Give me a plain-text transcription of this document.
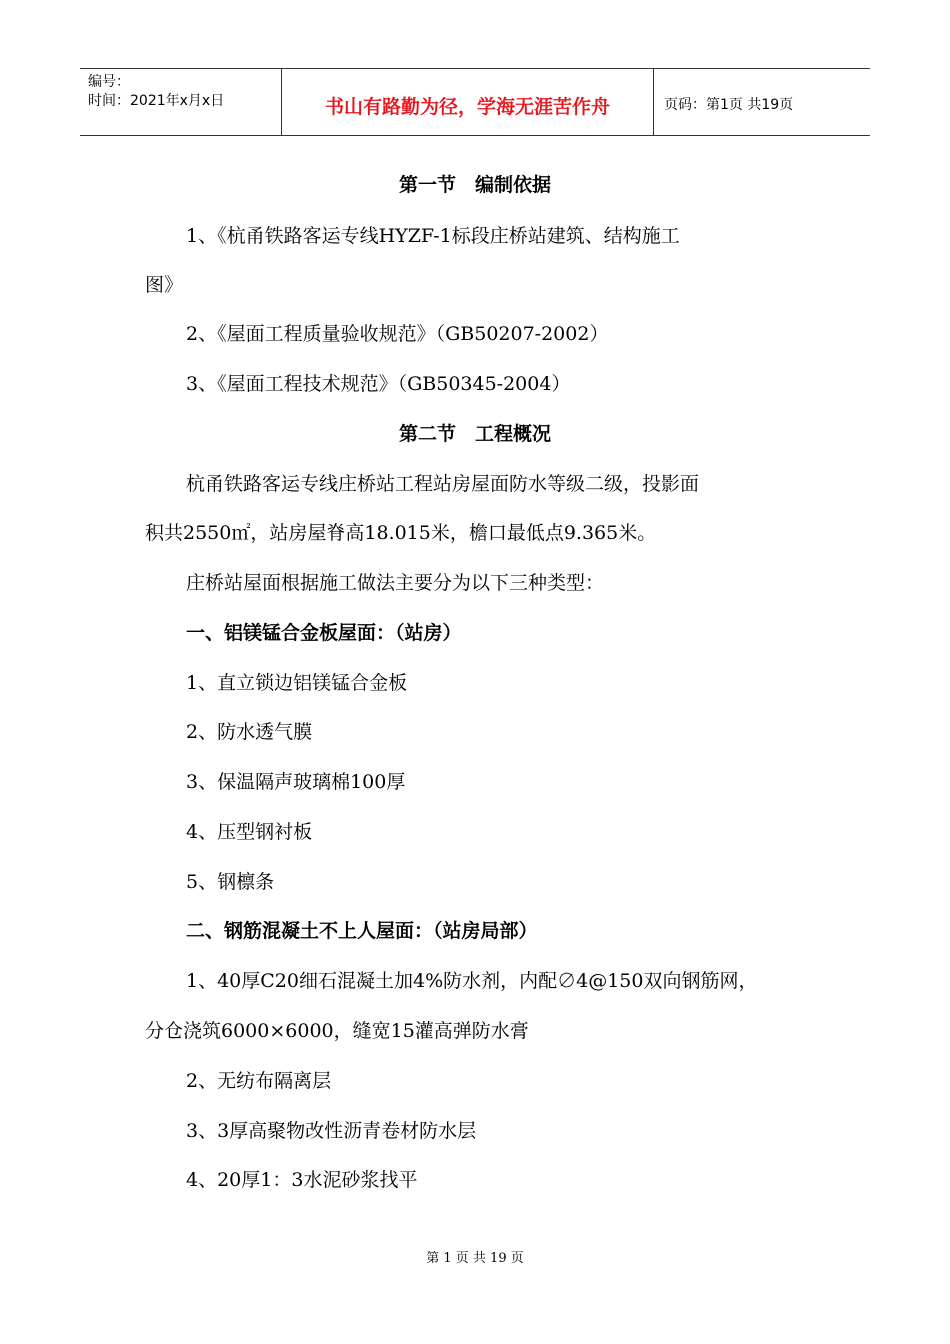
编号：
时间：2021年x月x日	书山有路勤为径，学海无涯苦作舟	页码：第1页 共19页
第一节　编制依据
1、《杭甬铁路客运专线HYZF-1标段庄桥站建筑、结构施工
图》
2、《屋面工程质量验收规范》（GB50207-2002）
3、《屋面工程技术规范》（GB50345-2004）
第二节　工程概况
杭甬铁路客运专线庄桥站工程站房屋面防水等级二级，投影面
积共2550㎡，站房屋脊高18.015米，檐口最低点9.365米。
庄桥站屋面根据施工做法主要分为以下三种类型：
一、铝镁锰合金板屋面：（站房）
1、直立锁边铝镁锰合金板
2、防水透气膜
3、保温隔声玻璃棉100厚
4、压型钢衬板
5、钢檩条
二、钢筋混凝土不上人屋面：（站房局部）
1、40厚C20细石混凝土加4%防水剂，内配∅4@150双向钢筋网，
分仓浇筑6000×6000，缝宽15灌高弹防水膏
2、无纺布隔离层
3、3厚高聚物改性沥青卷材防水层
4、20厚1：3水泥砂浆找平
第 1 页 共 19 页
